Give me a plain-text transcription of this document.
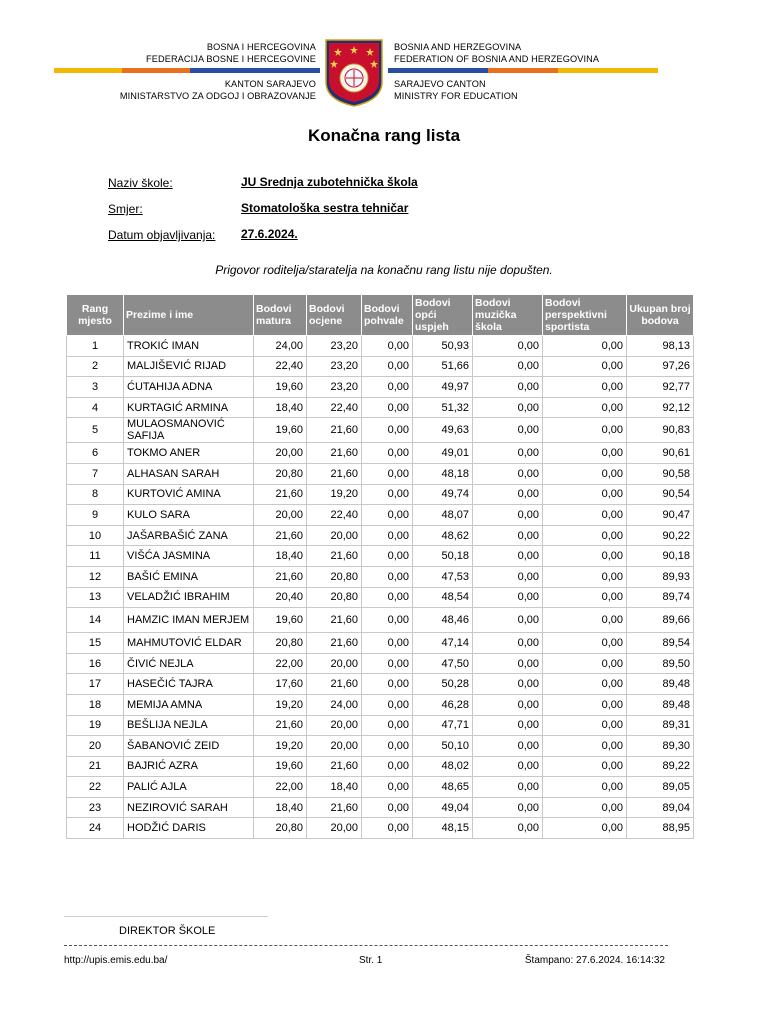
BOSNA I HERCEGOVINA
FEDERACIJA BOSNE I HERCEGOVINE
BOSNIA AND HERZEGOVINA
FEDERATION OF BOSNIA AND HERZEGOVINA
KANTON SARAJEVO
MINISTARSTVO ZA ODGOJ I OBRAZOVANJE
SARAJEVO CANTON
MINISTRY FOR EDUCATION
Konačna rang lista
Naziv škole:	JU Srednja zubotehnička škola
Smjer:	Stomatološka sestra tehničar
Datum objavljivanja: 27.6.2024.
Prigovor roditelja/staratelja na konačnu rang listu nije dopušten.
Rang mjesto	Prezime i ime	Bodovi matura	Bodovi ocjene	Bodovi pohvale	Bodovi opći uspjeh	Bodovi muzička škola	Bodovi perspektivni sportista	Ukupan broj bodova
1	TROKIĆ IMAN	24,00	23,20	0,00	50,93	0,00	0,00	98,13
2	MALJIŠEVIĆ RIJAD	22,40	23,20	0,00	51,66	0,00	0,00	97,26
3	ĆUTAHIJA ADNA	19,60	23,20	0,00	49,97	0,00	0,00	92,77
4	KURTAGIĆ ARMINA	18,40	22,40	0,00	51,32	0,00	0,00	92,12
5	MULAOSMANOVIĆ SAFIJA	19,60	21,60	0,00	49,63	0,00	0,00	90,83
6	TOKMO ANER	20,00	21,60	0,00	49,01	0,00	0,00	90,61
7	ALHASAN SARAH	20,80	21,60	0,00	48,18	0,00	0,00	90,58
8	KURTOVIĆ AMINA	21,60	19,20	0,00	49,74	0,00	0,00	90,54
9	KULO SARA	20,00	22,40	0,00	48,07	0,00	0,00	90,47
10	JAŠARBAŠIĆ ZANA	21,60	20,00	0,00	48,62	0,00	0,00	90,22
11	VIŠĆA JASMINA	18,40	21,60	0,00	50,18	0,00	0,00	90,18
12	BAŠIĆ EMINA	21,60	20,80	0,00	47,53	0,00	0,00	89,93
13	VELADŽIĆ IBRAHIM	20,40	20,80	0,00	48,54	0,00	0,00	89,74
14	HAMZIC IMAN MERJEM	19,60	21,60	0,00	48,46	0,00	0,00	89,66
15	MAHMUTOVIĆ ELDAR	20,80	21,60	0,00	47,14	0,00	0,00	89,54
16	ČIVIĆ NEJLA	22,00	20,00	0,00	47,50	0,00	0,00	89,50
17	HASEČIĆ TAJRA	17,60	21,60	0,00	50,28	0,00	0,00	89,48
18	MEMIJA AMNA	19,20	24,00	0,00	46,28	0,00	0,00	89,48
19	BEŠLIJA NEJLA	21,60	20,00	0,00	47,71	0,00	0,00	89,31
20	ŠABANOVIĆ ZEID	19,20	20,00	0,00	50,10	0,00	0,00	89,30
21	BAJRIĆ AZRA	19,60	21,60	0,00	48,02	0,00	0,00	89,22
22	PALIĆ AJLA	22,00	18,40	0,00	48,65	0,00	0,00	89,05
23	NEZIROVIĆ SARAH	18,40	21,60	0,00	49,04	0,00	0,00	89,04
24	HODŽIĆ DARIS	20,80	20,00	0,00	48,15	0,00	0,00	88,95
DIREKTOR ŠKOLE
http://upis.emis.edu.ba/	Str. 1	Štampano: 27.6.2024. 16:14:32
